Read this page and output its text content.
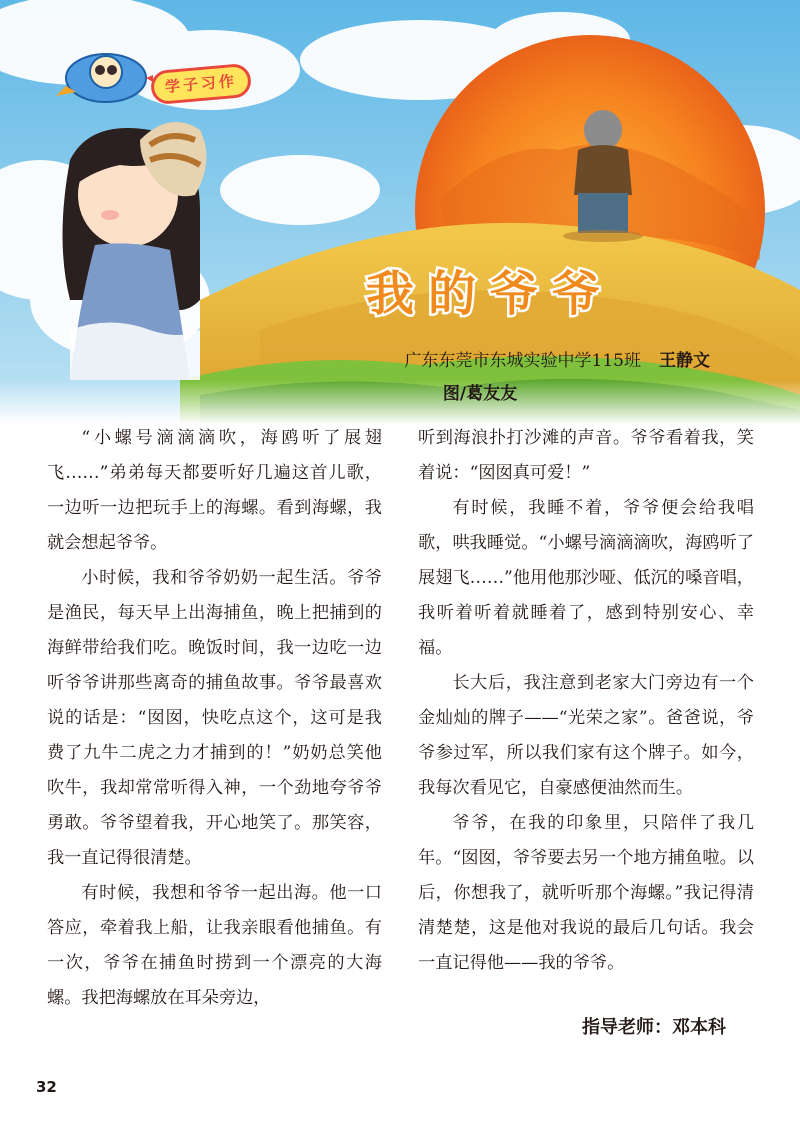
学子习作
我的爷爷
广东东莞市东城实验中学115班 王静文
图/葛友友

“小螺号滴滴滴吹，海鸥听了展翅飞……”弟弟每天都要听好几遍这首儿歌，一边听一边把玩手上的海螺。看到海螺，我就会想起爷爷。

小时候，我和爷爷奶奶一起生活。爷爷是渔民，每天早上出海捕鱼，晚上把捕到的海鲜带给我们吃。晚饭时间，我一边吃一边听爷爷讲那些离奇的捕鱼故事。爷爷最喜欢说的话是：“囡囡，快吃点这个，这可是我费了九牛二虎之力才捕到的！”奶奶总笑他吹牛，我却常常听得入神，一个劲地夸爷爷勇敢。爷爷望着我，开心地笑了。那笑容，我一直记得很清楚。

有时候，我想和爷爷一起出海。他一口答应，牵着我上船，让我亲眼看他捕鱼。有一次，爷爷在捕鱼时捞到一个漂亮的大海螺。我把海螺放在耳朵旁边，

听到海浪扑打沙滩的声音。爷爷看着我，笑着说：“囡囡真可爱！”

有时候，我睡不着，爷爷便会给我唱歌，哄我睡觉。“小螺号滴滴滴吹，海鸥听了展翅飞……”他用他那沙哑、低沉的嗓音唱，我听着听着就睡着了，感到特别安心、幸福。

长大后，我注意到老家大门旁边有一个金灿灿的牌子——“光荣之家”。爸爸说，爷爷参过军，所以我们家有这个牌子。如今，我每次看见它，自豪感便油然而生。

爷爷，在我的印象里，只陪伴了我几年。“囡囡，爷爷要去另一个地方捕鱼啦。以后，你想我了，就听听那个海螺。”我记得清清楚楚，这是他对我说的最后几句话。我会一直记得他——我的爷爷。

指导老师：邓本科
32
